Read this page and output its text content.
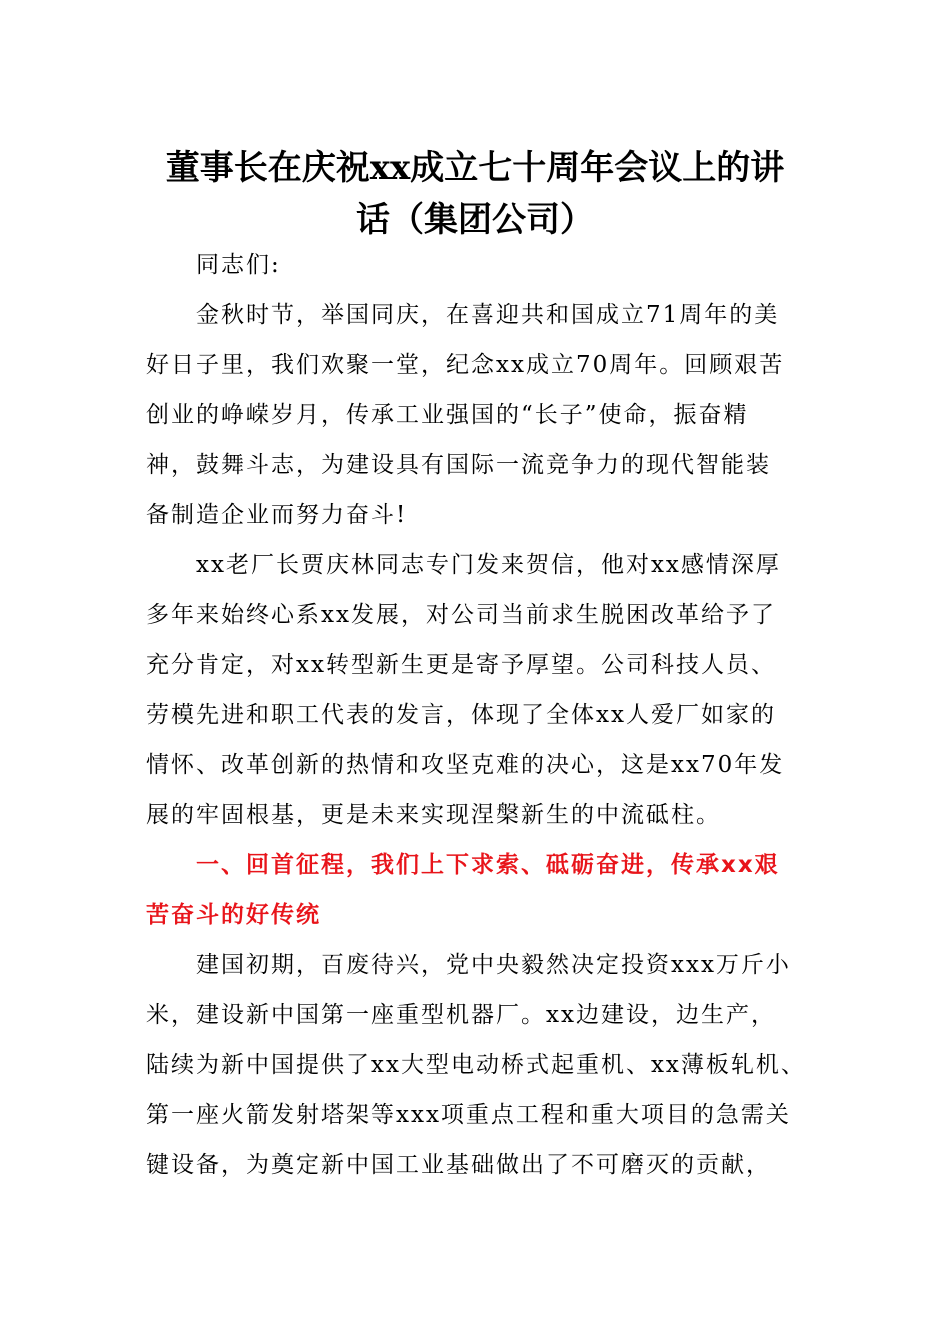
董事长在庆祝xx成立七十周年会议上的讲
话（集团公司）
同志们:
金秋时节，举国同庆，在喜迎共和国成立71周年的美
好日子里，我们欢聚一堂，纪念xx成立70周年。回顾艰苦
创业的峥嵘岁月，传承工业强国的“长子”使命，振奋精
神，鼓舞斗志，为建设具有国际一流竞争力的现代智能装
备制造企业而努力奋斗!
xx老厂长贾庆林同志专门发来贺信，他对xx感情深厚
多年来始终心系xx发展，对公司当前求生脱困改革给予了
充分肯定，对xx转型新生更是寄予厚望。公司科技人员、
劳模先进和职工代表的发言，体现了全体xx人爱厂如家的
情怀、改革创新的热情和攻坚克难的决心，这是xx70年发
展的牢固根基，更是未来实现涅槃新生的中流砥柱。
一、回首征程，我们上下求索、砥砺奋进，传承xx艰
苦奋斗的好传统
建国初期，百废待兴，党中央毅然决定投资xxx万斤小
米，建设新中国第一座重型机器厂。xx边建设，边生产，
陆续为新中国提供了xx大型电动桥式起重机、xx薄板轧机、
第一座火箭发射塔架等xxx项重点工程和重大项目的急需关
键设备，为奠定新中国工业基础做出了不可磨灭的贡献，
